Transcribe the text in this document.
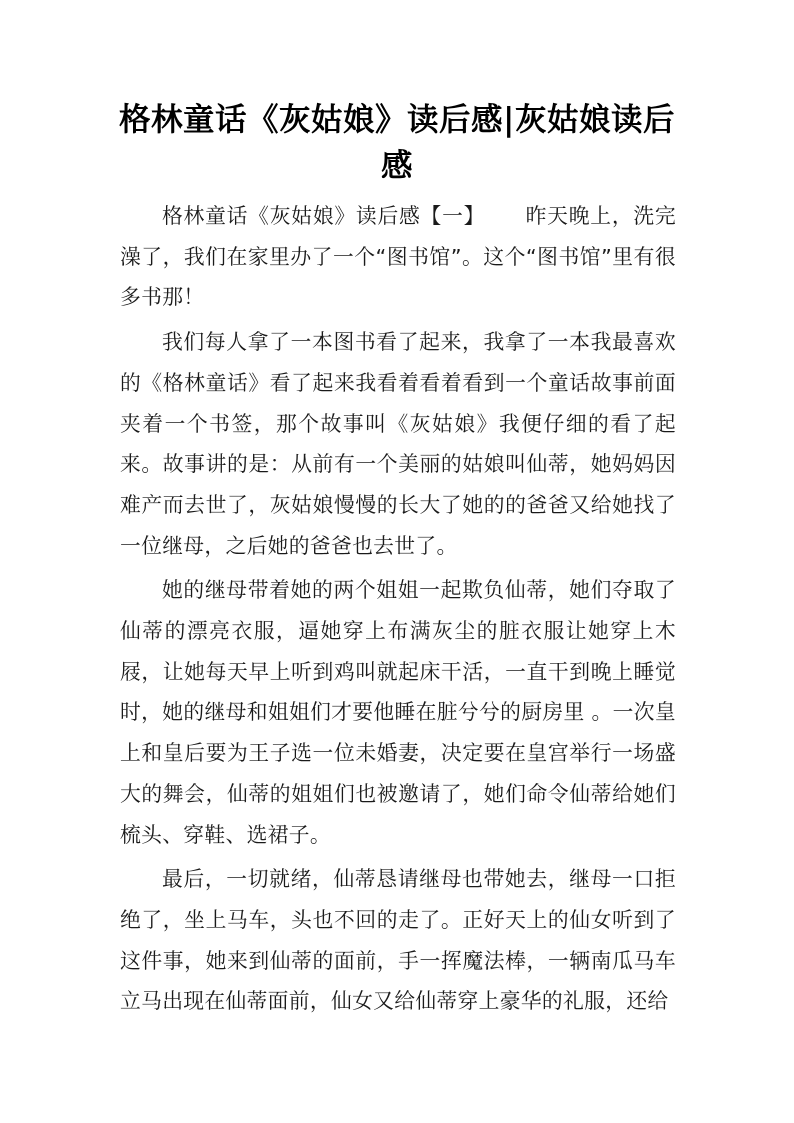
格林童话《灰姑娘》读后感|灰姑娘读后感

格林童话《灰姑娘》读后感【一】 昨天晚上，洗完澡了，我们在家里办了一个“图书馆”。这个“图书馆”里有很多书那！

我们每人拿了一本图书看了起来，我拿了一本我最喜欢的《格林童话》看了起来我看着看着看到一个童话故事前面夹着一个书签，那个故事叫《灰姑娘》我便仔细的看了起来。故事讲的是：从前有一个美丽的姑娘叫仙蒂，她妈妈因难产而去世了，灰姑娘慢慢的长大了她的的爸爸又给她找了一位继母，之后她的爸爸也去世了。

她的继母带着她的两个姐姐一起欺负仙蒂，她们夺取了仙蒂的漂亮衣服，逼她穿上布满灰尘的脏衣服让她穿上木屐，让她每天早上听到鸡叫就起床干活，一直干到晚上睡觉时，她的继母和姐姐们才要他睡在脏兮兮的厨房里 。一次皇上和皇后要为王子选一位未婚妻，决定要在皇宫举行一场盛大的舞会，仙蒂的姐姐们也被邀请了，她们命令仙蒂给她们梳头、穿鞋、选裙子。

最后，一切就绪，仙蒂恳请继母也带她去，继母一口拒绝了，坐上马车，头也不回的走了。正好天上的仙女听到了这件事，她来到仙蒂的面前，手一挥魔法棒，一辆南瓜马车立马出现在仙蒂面前，仙女又给仙蒂穿上豪华的礼服，还给
